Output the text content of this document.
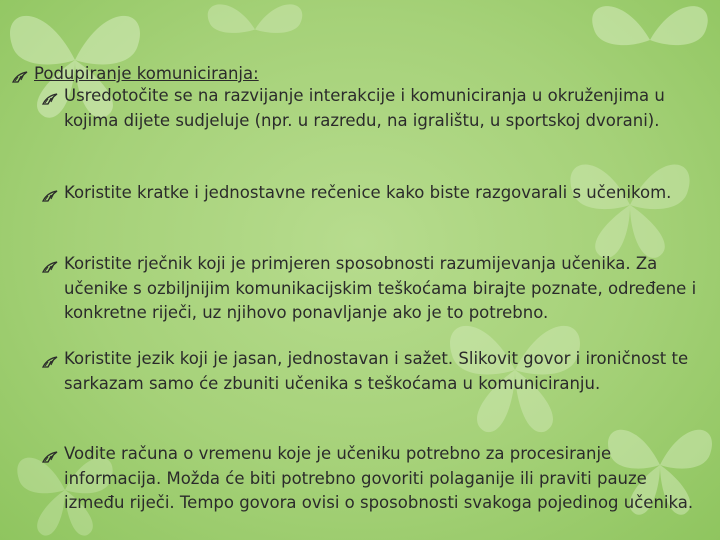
Podupiranje komuniciranja:
Usredotočite se na razvijanje interakcije i komuniciranja u okruženjima u kojima dijete sudjeluje (npr. u razredu, na igralištu, u sportskoj dvorani).
Koristite kratke i jednostavne rečenice kako biste razgovarali s učenikom.
Koristite rječnik koji je primjeren sposobnosti razumijevanja učenika. Za učenike s ozbiljnijim komunikacijskim teškoćama birajte poznate, određene i konkretne riječi, uz njihovo ponavljanje ako je to potrebno.
Koristite jezik koji je jasan, jednostavan i sažet. Slikovit govor i ironičnost te sarkazam samo će zbuniti učenika s teškoćama u komuniciranju.
Vodite računa o vremenu koje je učeniku potrebno za procesiranje informacija. Možda će biti potrebno govoriti polaganije ili praviti pauze između riječi. Tempo govora ovisi o sposobnosti svakoga pojedinog učenika.
